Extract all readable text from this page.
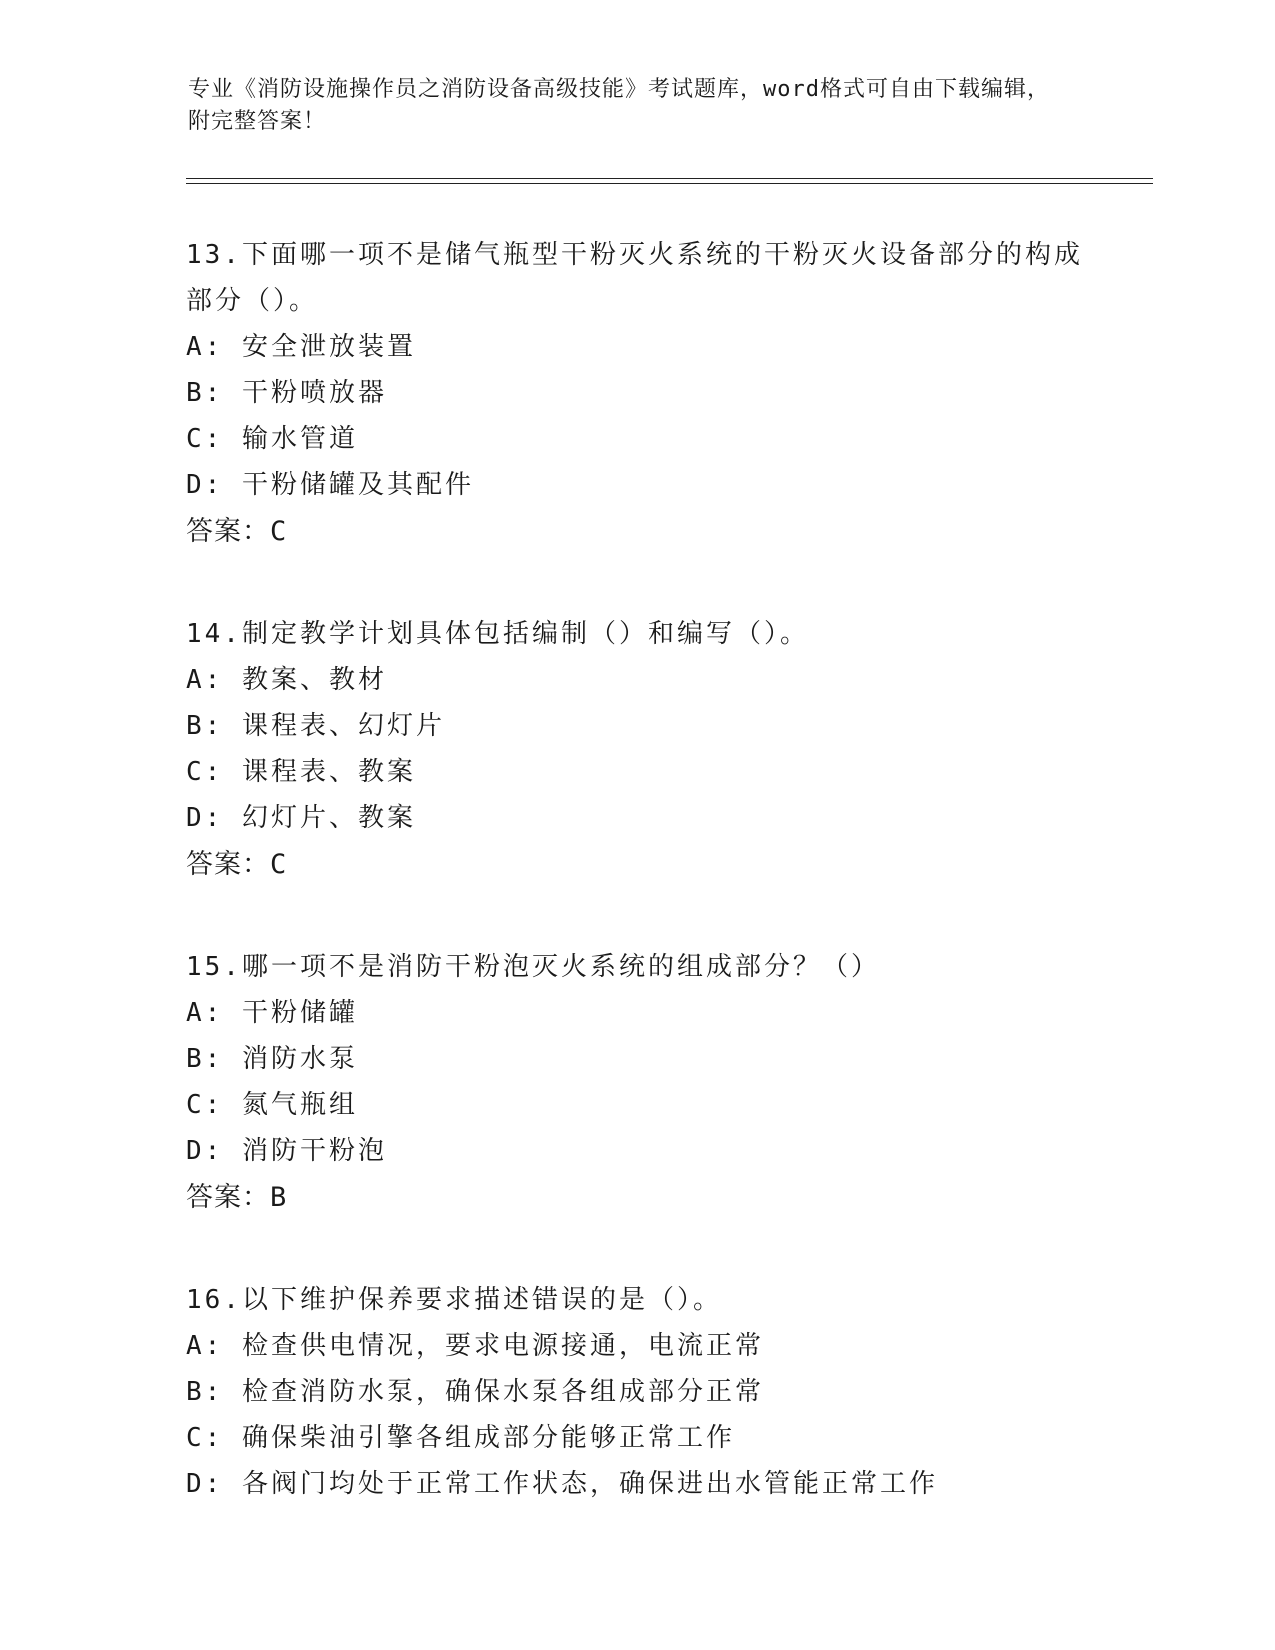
专业《消防设施操作员之消防设备高级技能》考试题库，word格式可自由下载编辑，附完整答案！
13.下面哪一项不是储气瓶型干粉灭火系统的干粉灭火设备部分的构成部分（）。
A: 安全泄放装置
B: 干粉喷放器
C: 输水管道
D: 干粉储罐及其配件
答案：C
14.制定教学计划具体包括编制（）和编写（）。
A: 教案、教材
B: 课程表、幻灯片
C: 课程表、教案
D: 幻灯片、教案
答案：C
15.哪一项不是消防干粉泡灭火系统的组成部分？（）
A: 干粉储罐
B: 消防水泵
C: 氮气瓶组
D: 消防干粉泡
答案：B
16.以下维护保养要求描述错误的是（）。
A: 检查供电情况，要求电源接通，电流正常
B: 检查消防水泵，确保水泵各组成部分正常
C: 确保柴油引擎各组成部分能够正常工作
D: 各阀门均处于正常工作状态，确保进出水管能正常工作
